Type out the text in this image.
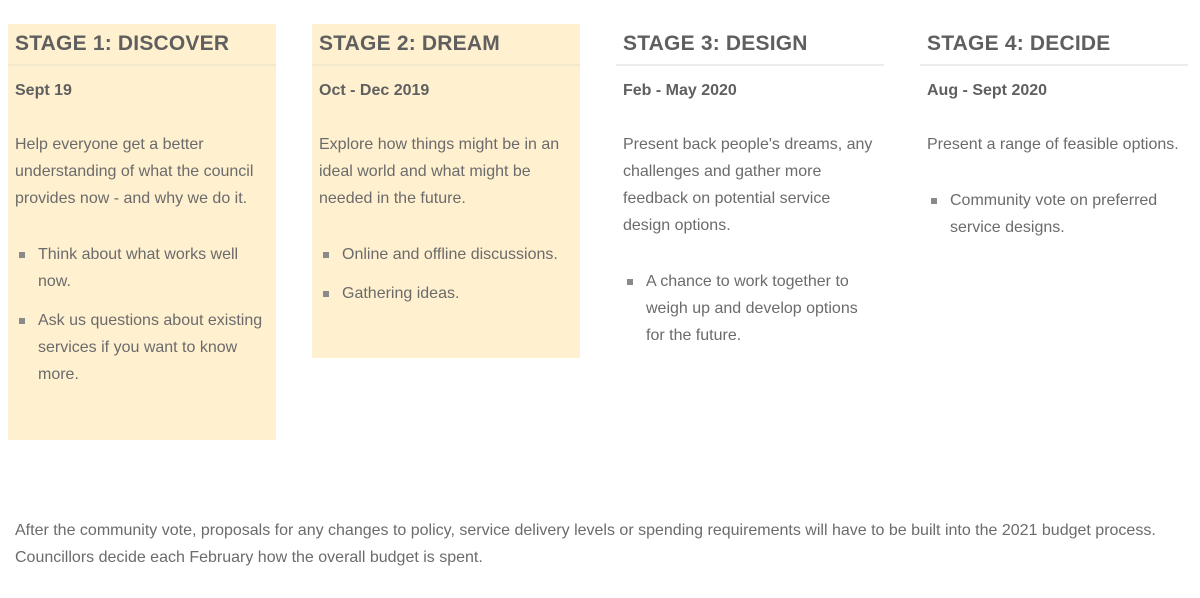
STAGE 1: DISCOVER

Sept 19

Help everyone get a better understanding of what the council provides now - and why we do it.

Think about what works well now.
Ask us questions about existing services if you want to know more.
STAGE 2: DREAM

Oct - Dec 2019

Explore how things might be in an ideal world and what might be needed in the future.

Online and offline discussions.
Gathering ideas.
STAGE 3: DESIGN

Feb - May 2020

Present back people's dreams, any challenges and gather more feedback on potential service design options.

A chance to work together to weigh up and develop options for the future.
STAGE 4: DECIDE

Aug - Sept 2020

Present a range of feasible options.

Community vote on preferred service designs.

After the community vote, proposals for any changes to policy, service delivery levels or spending requirements will have to be built into the 2021 budget process. Councillors decide each February how the overall budget is spent.
